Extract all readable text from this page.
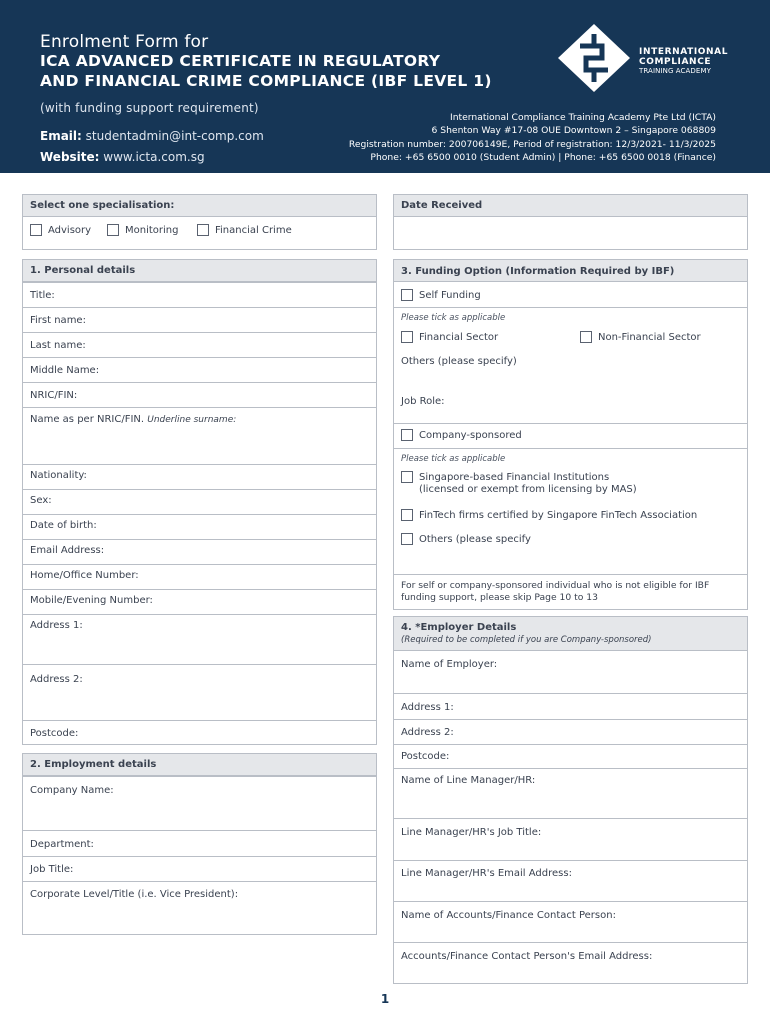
Enrolment Form for
ICA ADVANCED CERTIFICATE IN REGULATORY
AND FINANCIAL CRIME COMPLIANCE (IBF LEVEL 1)
(with funding support requirement)
Email: studentadmin@int-comp.com
Website: www.icta.com.sg
International Compliance Training Academy Pte Ltd (ICTA)
6 Shenton Way #17-08 OUE Downtown 2 – Singapore 068809
Registration number: 200706149E, Period of registration: 12/3/2021- 11/3/2025
Phone: +65 6500 0010 (Student Admin) | Phone: +65 6500 0018 (Finance)
INTERNATIONAL
COMPLIANCE
TRAINING ACADEMY
Select one specialisation:
Advisory	Monitoring	Financial Crime
Date Received
1. Personal details
Title:
First name:
Last name:
Middle Name:
NRIC/FIN:
Name as per NRIC/FIN. Underline surname:
Nationality:
Sex:
Date of birth:
Email Address:
Home/Office Number:
Mobile/Evening Number:
Address 1:
Address 2:
Postcode:
2. Employment details
Company Name:
Department:
Job Title:
Corporate Level/Title (i.e. Vice President):
3. Funding Option (Information Required by IBF)
Self Funding
Please tick as applicable
Financial Sector	Non-Financial Sector
Others (please specify)
Job Role:
Company-sponsored
Please tick as applicable
Singapore-based Financial Institutions
(licensed or exempt from licensing by MAS)
FinTech firms certified by Singapore FinTech Association
Others (please specify
For self or company-sponsored individual who is not eligible for IBF
funding support, please skip Page 10 to 13
4. *Employer Details
(Required to be completed if you are Company-sponsored)
Name of Employer:
Address 1:
Address 2:
Postcode:
Name of Line Manager/HR:
Line Manager/HR's Job Title:
Line Manager/HR's Email Address:
Name of Accounts/Finance Contact Person:
Accounts/Finance Contact Person's Email Address:
1
